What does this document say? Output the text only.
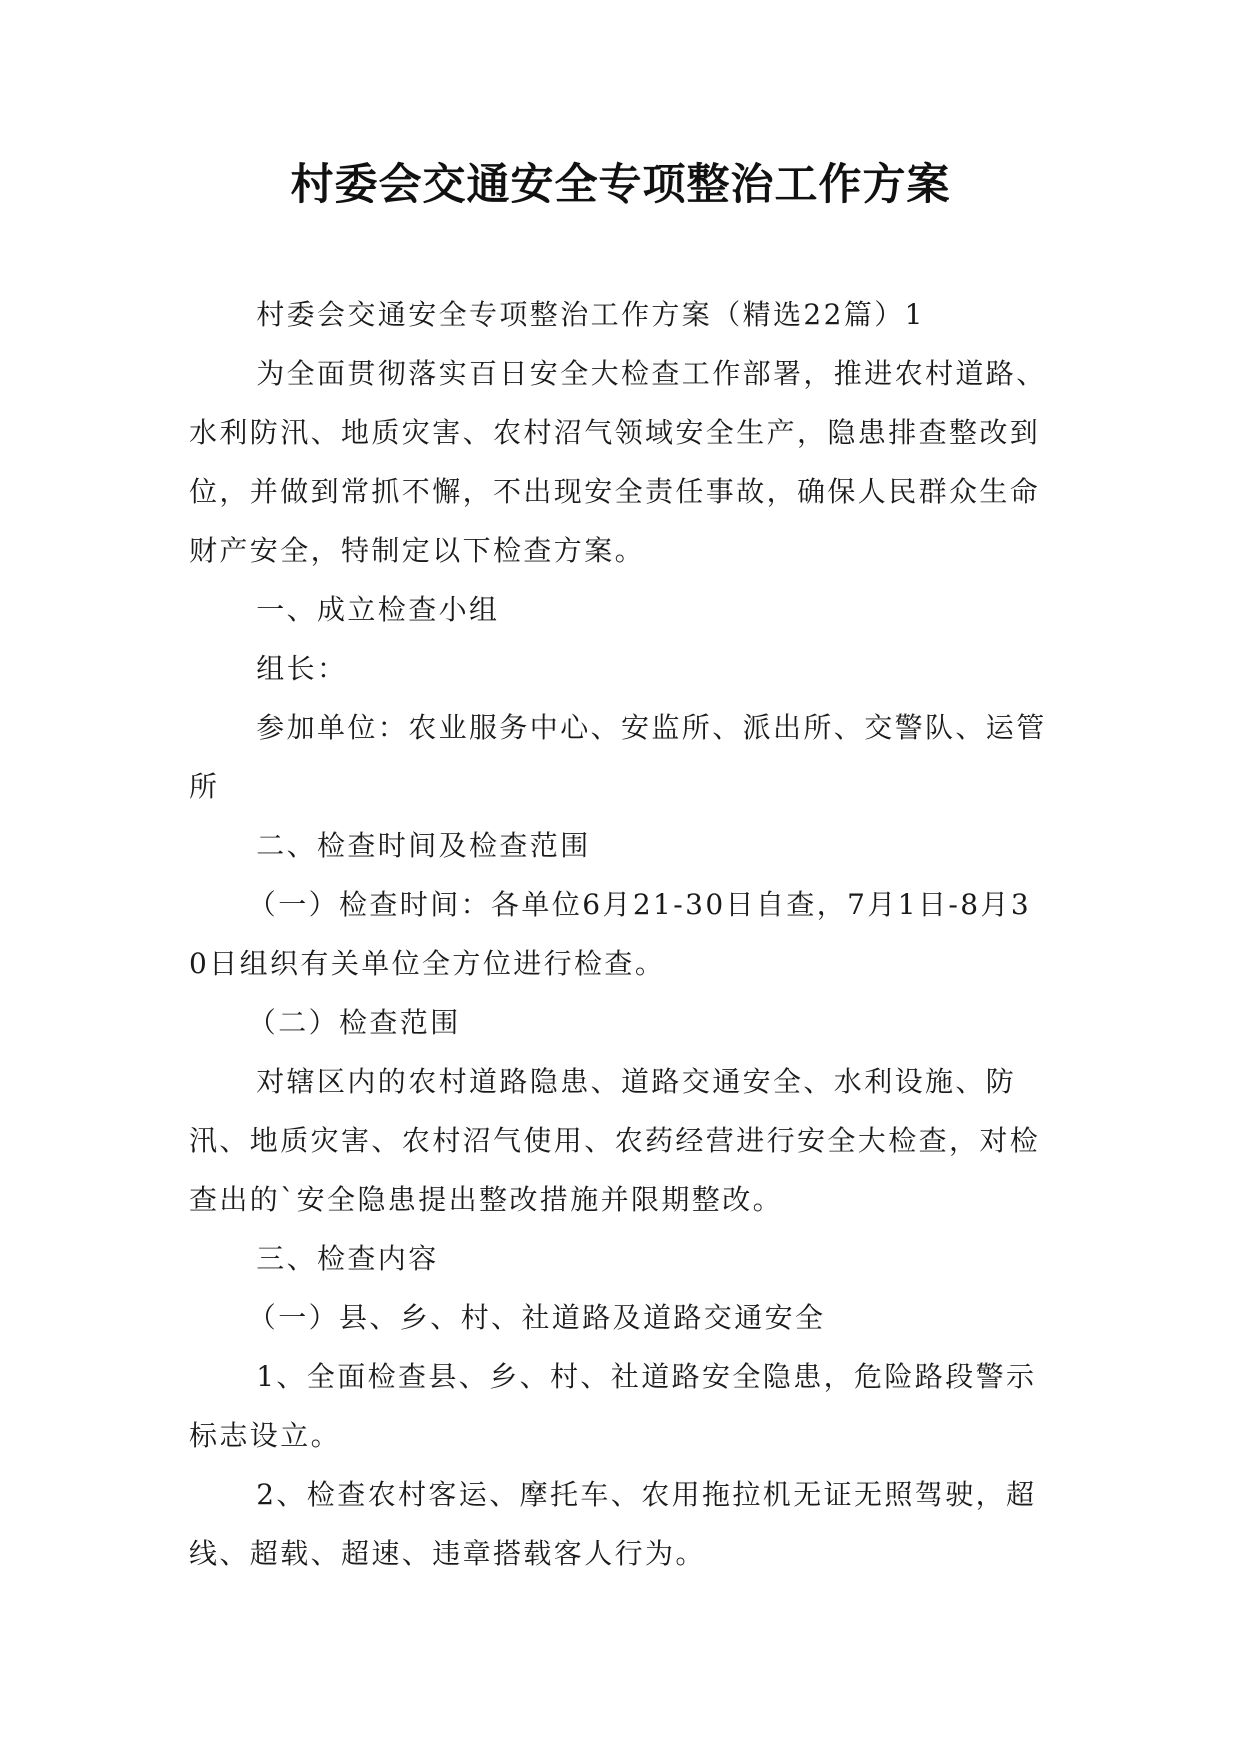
村委会交通安全专项整治工作方案

村委会交通安全专项整治工作方案（精选22篇）1

为全面贯彻落实百日安全大检查工作部署，推进农村道路、水利防汛、地质灾害、农村沼气领域安全生产，隐患排查整改到位，并做到常抓不懈，不出现安全责任事故，确保人民群众生命财产安全，特制定以下检查方案。

一、成立检查小组

组长：

参加单位：农业服务中心、安监所、派出所、交警队、运管所

二、检查时间及检查范围

（一）检查时间：各单位6月21-30日自查，7月1日-8月30日组织有关单位全方位进行检查。

（二）检查范围

对辖区内的农村道路隐患、道路交通安全、水利设施、防汛、地质灾害、农村沼气使用、农药经营进行安全大检查，对检查出的`安全隐患提出整改措施并限期整改。

三、检查内容

（一）县、乡、村、社道路及道路交通安全

1、全面检查县、乡、村、社道路安全隐患，危险路段警示标志设立。

2、检查农村客运、摩托车、农用拖拉机无证无照驾驶，超线、超载、超速、违章搭载客人行为。
